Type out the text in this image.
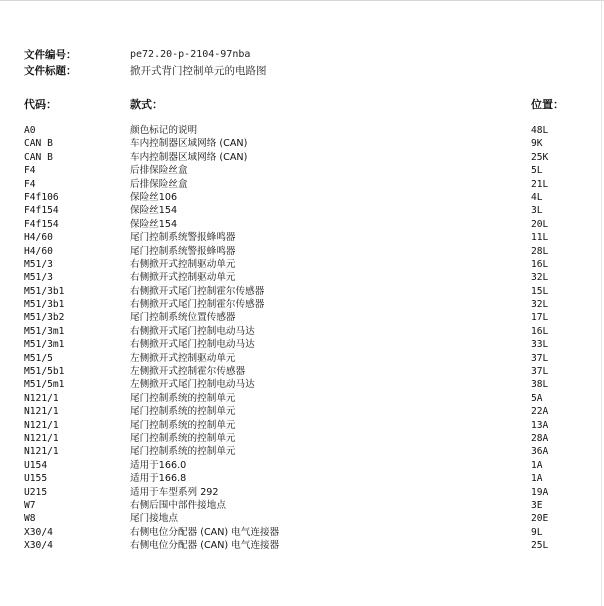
文件编号：	pe72.20-p-2104-97nba
文件标题：	掀开式背门控制单元的电路图
代码：	款式：	位置：
A0	颜色标记的说明	48L
CAN B	车内控制器区域网络 (CAN)	9K
CAN B	车内控制器区域网络 (CAN)	25K
F4	后排保险丝盒	5L
F4	后排保险丝盒	21L
F4f106	保险丝106	4L
F4f154	保险丝154	3L
F4f154	保险丝154	20L
H4/60	尾门控制系统警报蜂鸣器	11L
H4/60	尾门控制系统警报蜂鸣器	28L
M51/3	右侧掀开式控制驱动单元	16L
M51/3	右侧掀开式控制驱动单元	32L
M51/3b1	右侧掀开式尾门控制霍尔传感器	15L
M51/3b1	右侧掀开式尾门控制霍尔传感器	32L
M51/3b2	尾门控制系统位置传感器	17L
M51/3m1	右侧掀开式尾门控制电动马达	16L
M51/3m1	右侧掀开式尾门控制电动马达	33L
M51/5	左侧掀开式控制驱动单元	37L
M51/5b1	左侧掀开式控制霍尔传感器	37L
M51/5m1	左侧掀开式尾门控制电动马达	38L
N121/1	尾门控制系统的控制单元	5A
N121/1	尾门控制系统的控制单元	22A
N121/1	尾门控制系统的控制单元	13A
N121/1	尾门控制系统的控制单元	28A
N121/1	尾门控制系统的控制单元	36A
U154	适用于166.0	1A
U155	适用于166.8	1A
U215	适用于车型系列 292	19A
W7	右侧后围中部件接地点	3E
W8	尾门接地点	20E
X30/4	右侧电位分配器 (CAN) 电气连接器	9L
X30/4	右侧电位分配器 (CAN) 电气连接器	25L
